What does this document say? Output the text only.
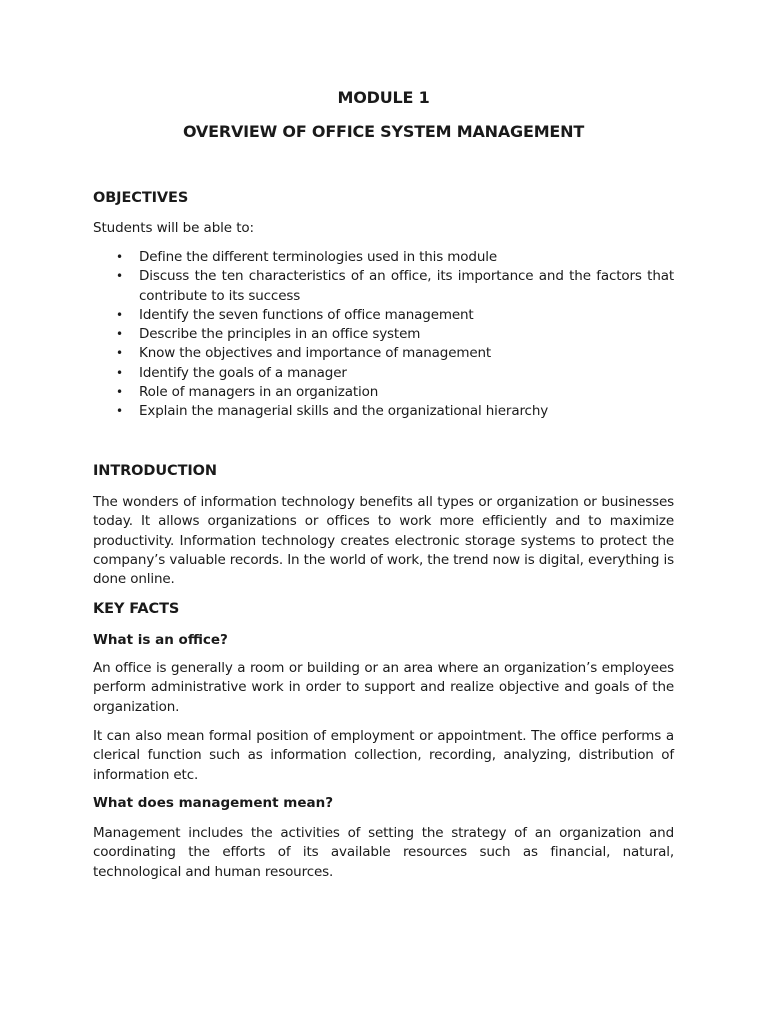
MODULE 1
OVERVIEW OF OFFICE SYSTEM MANAGEMENT
OBJECTIVES
Students will be able to:
• Define the different terminologies used in this module
• Discuss the ten characteristics of an office, its importance and the factors that contribute to its success
• Identify the seven functions of office management
• Describe the principles in an office system
• Know the objectives and importance of management
• Identify the goals of a manager
• Role of managers in an organization
• Explain the managerial skills and the organizational hierarchy
INTRODUCTION
The wonders of information technology benefits all types or organization or businesses today. It allows organizations or offices to work more efficiently and to maximize productivity. Information technology creates electronic storage systems to protect the company’s valuable records. In the world of work, the trend now is digital, everything is done online.
KEY FACTS
What is an office?
An office is generally a room or building or an area where an organization’s employees perform administrative work in order to support and realize objective and goals of the organization.
It can also mean formal position of employment or appointment. The office performs a clerical function such as information collection, recording, analyzing, distribution of information etc.
What does management mean?
Management includes the activities of setting the strategy of an organization and coordinating the efforts of its available resources such as financial, natural, technological and human resources.
